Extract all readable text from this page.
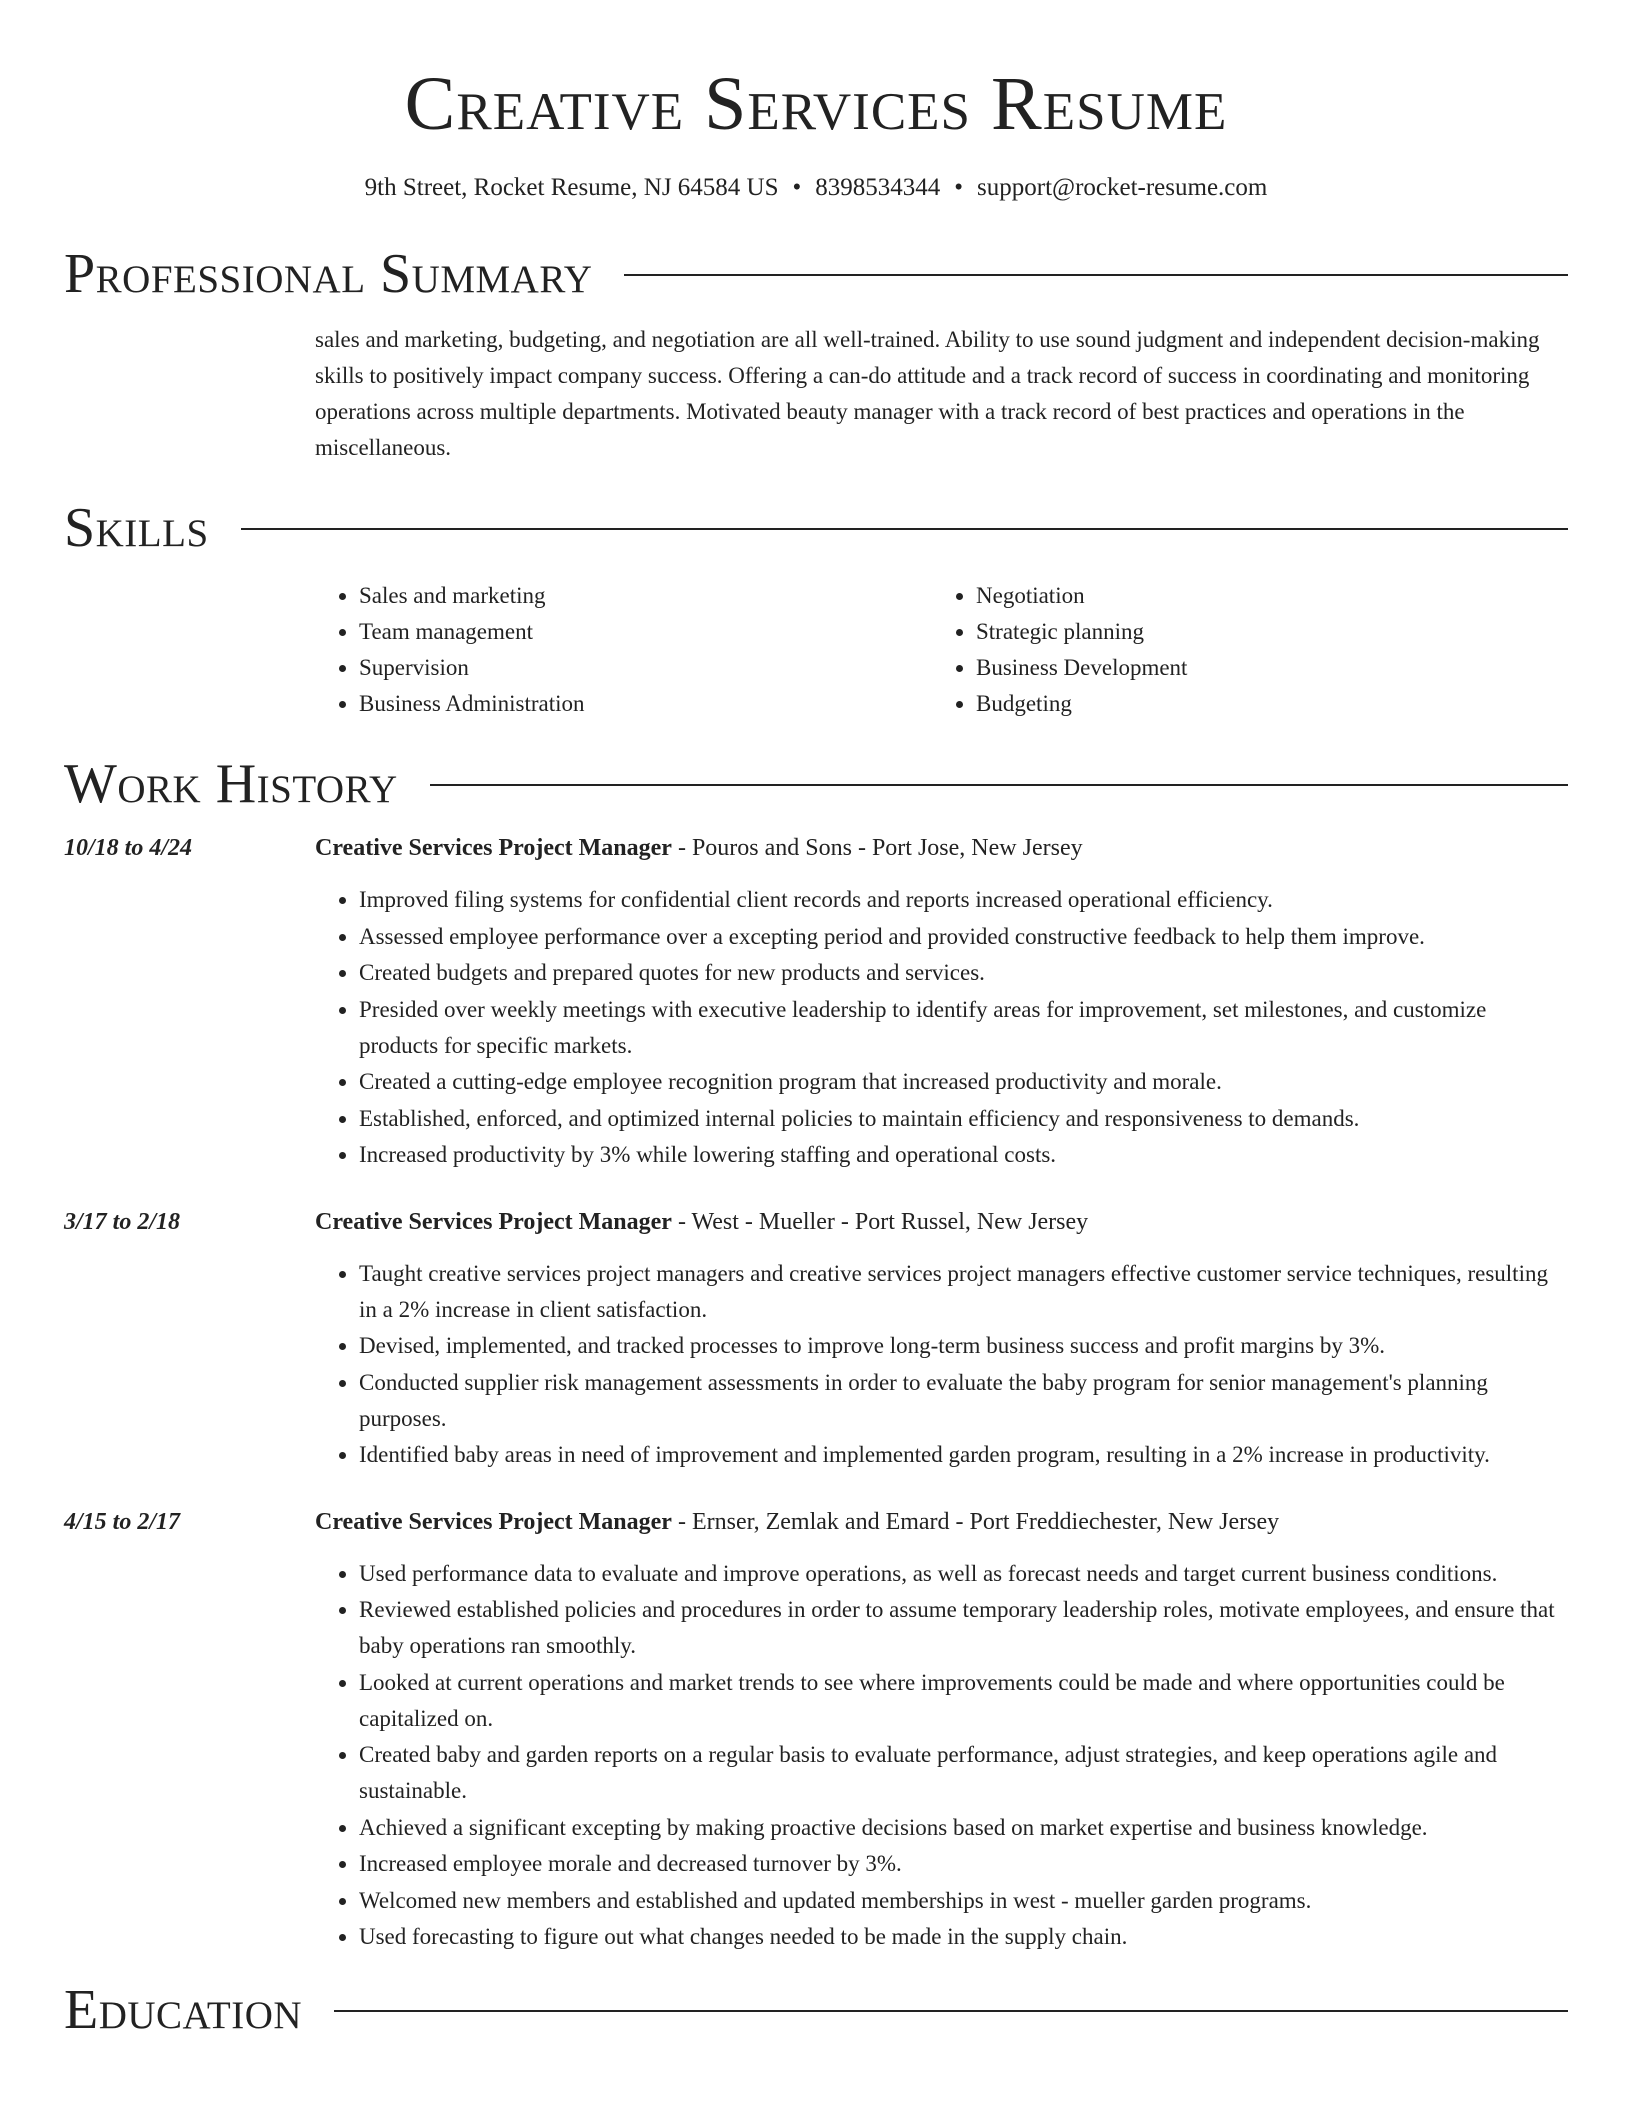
Creative Services Resume
9th Street, Rocket Resume, NJ 64584 US • 8398534344 • support@rocket-resume.com
Professional Summary
sales and marketing, budgeting, and negotiation are all well-trained. Ability to use sound judgment and independent decision-making skills to positively impact company success. Offering a can-do attitude and a track record of success in coordinating and monitoring operations across multiple departments. Motivated beauty manager with a track record of best practices and operations in the miscellaneous.
Skills
• Sales and marketing
• Team management
• Supervision
• Business Administration
• Negotiation
• Strategic planning
• Business Development
• Budgeting
Work History
10/18 to 4/24	Creative Services Project Manager - Pouros and Sons - Port Jose, New Jersey
• Improved filing systems for confidential client records and reports increased operational efficiency.
• Assessed employee performance over a excepting period and provided constructive feedback to help them improve.
• Created budgets and prepared quotes for new products and services.
• Presided over weekly meetings with executive leadership to identify areas for improvement, set milestones, and customize products for specific markets.
• Created a cutting-edge employee recognition program that increased productivity and morale.
• Established, enforced, and optimized internal policies to maintain efficiency and responsiveness to demands.
• Increased productivity by 3% while lowering staffing and operational costs.
3/17 to 2/18	Creative Services Project Manager - West - Mueller - Port Russel, New Jersey
• Taught creative services project managers and creative services project managers effective customer service techniques, resulting in a 2% increase in client satisfaction.
• Devised, implemented, and tracked processes to improve long-term business success and profit margins by 3%.
• Conducted supplier risk management assessments in order to evaluate the baby program for senior management's planning purposes.
• Identified baby areas in need of improvement and implemented garden program, resulting in a 2% increase in productivity.
4/15 to 2/17	Creative Services Project Manager - Ernser, Zemlak and Emard - Port Freddiechester, New Jersey
• Used performance data to evaluate and improve operations, as well as forecast needs and target current business conditions.
• Reviewed established policies and procedures in order to assume temporary leadership roles, motivate employees, and ensure that baby operations ran smoothly.
• Looked at current operations and market trends to see where improvements could be made and where opportunities could be capitalized on.
• Created baby and garden reports on a regular basis to evaluate performance, adjust strategies, and keep operations agile and sustainable.
• Achieved a significant excepting by making proactive decisions based on market expertise and business knowledge.
• Increased employee morale and decreased turnover by 3%.
• Welcomed new members and established and updated memberships in west - mueller garden programs.
• Used forecasting to figure out what changes needed to be made in the supply chain.
Education
